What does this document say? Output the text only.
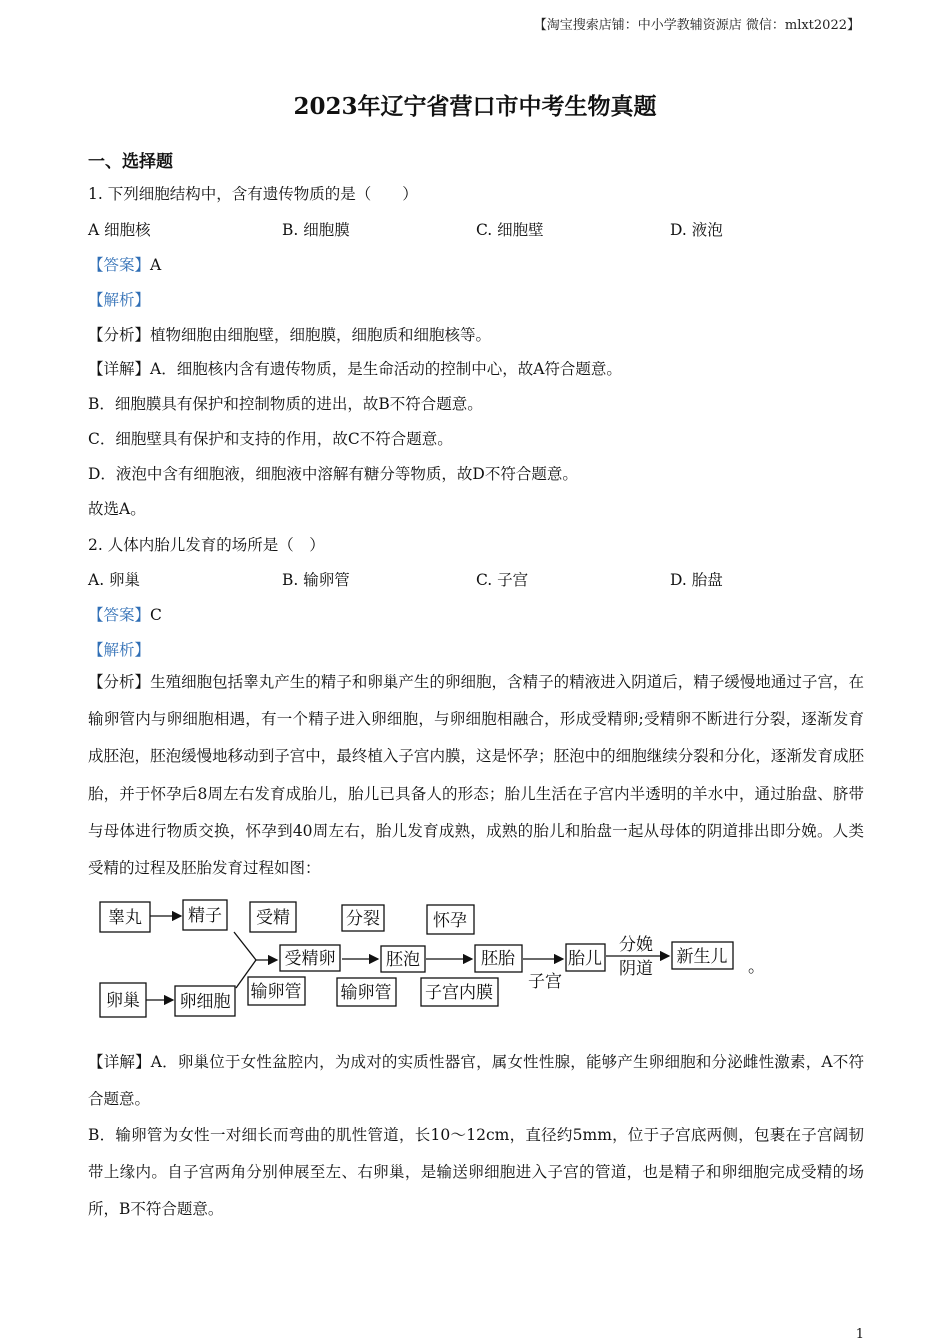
【淘宝搜索店铺：中小学教辅资源店 微信：mlxt2022】
2023年辽宁省营口市中考生物真题
一、选择题
1. 下列细胞结构中，含有遗传物质的是（　　）
A 细胞核	B. 细胞膜	C. 细胞壁	D. 液泡
【答案】A
【解析】
【分析】植物细胞由细胞壁，细胞膜，细胞质和细胞核等。
【详解】A．细胞核内含有遗传物质，是生命活动的控制中心，故A符合题意。
B．细胞膜具有保护和控制物质的进出，故B不符合题意。
C．细胞壁具有保护和支持的作用，故C不符合题意。
D．液泡中含有细胞液，细胞液中溶解有糖分等物质，故D不符合题意。
故选A。
2. 人体内胎儿发育的场所是（　）
A. 卵巢	B. 输卵管	C. 子宫	D. 胎盘
【答案】C
【解析】
【分析】生殖细胞包括睾丸产生的精子和卵巢产生的卵细胞，含精子的精液进入阴道后，精子缓慢地通过子宫，在输卵管内与卵细胞相遇，有一个精子进入卵细胞，与卵细胞相融合，形成受精卵;受精卵不断进行分裂，逐渐发育成胚泡，胚泡缓慢地移动到子宫中，最终植入子宫内膜，这是怀孕；胚泡中的细胞继续分裂和分化，逐渐发育成胚胎，并于怀孕后8周左右发育成胎儿，胎儿已具备人的形态；胎儿生活在子宫内半透明的羊水中，通过胎盘、脐带与母体进行物质交换，怀孕到40周左右，胎儿发育成熟，成熟的胎儿和胎盘一起从母体的阴道排出即分娩。人类受精的过程及胚胎发育过程如图：
睾丸	精子
卵巢 卵细胞
受精
受精卵
输卵管
分裂
胚泡
输卵管
怀孕
子宫内膜
胚胎
子宫
胎儿
分娩
阴道
新生儿 。
【详解】A．卵巢位于女性盆腔内，为成对的实质性器官，属女性性腺，能够产生卵细胞和分泌雌性激素，A不符合题意。
B．输卵管为女性一对细长而弯曲的肌性管道，长10～12cm，直径约5mm，位于子宫底两侧，包裹在子宫阔韧带上缘内。自子宫两角分别伸展至左、右卵巢，是输送卵细胞进入子宫的管道，也是精子和卵细胞完成受精的场所，B不符合题意。
1
